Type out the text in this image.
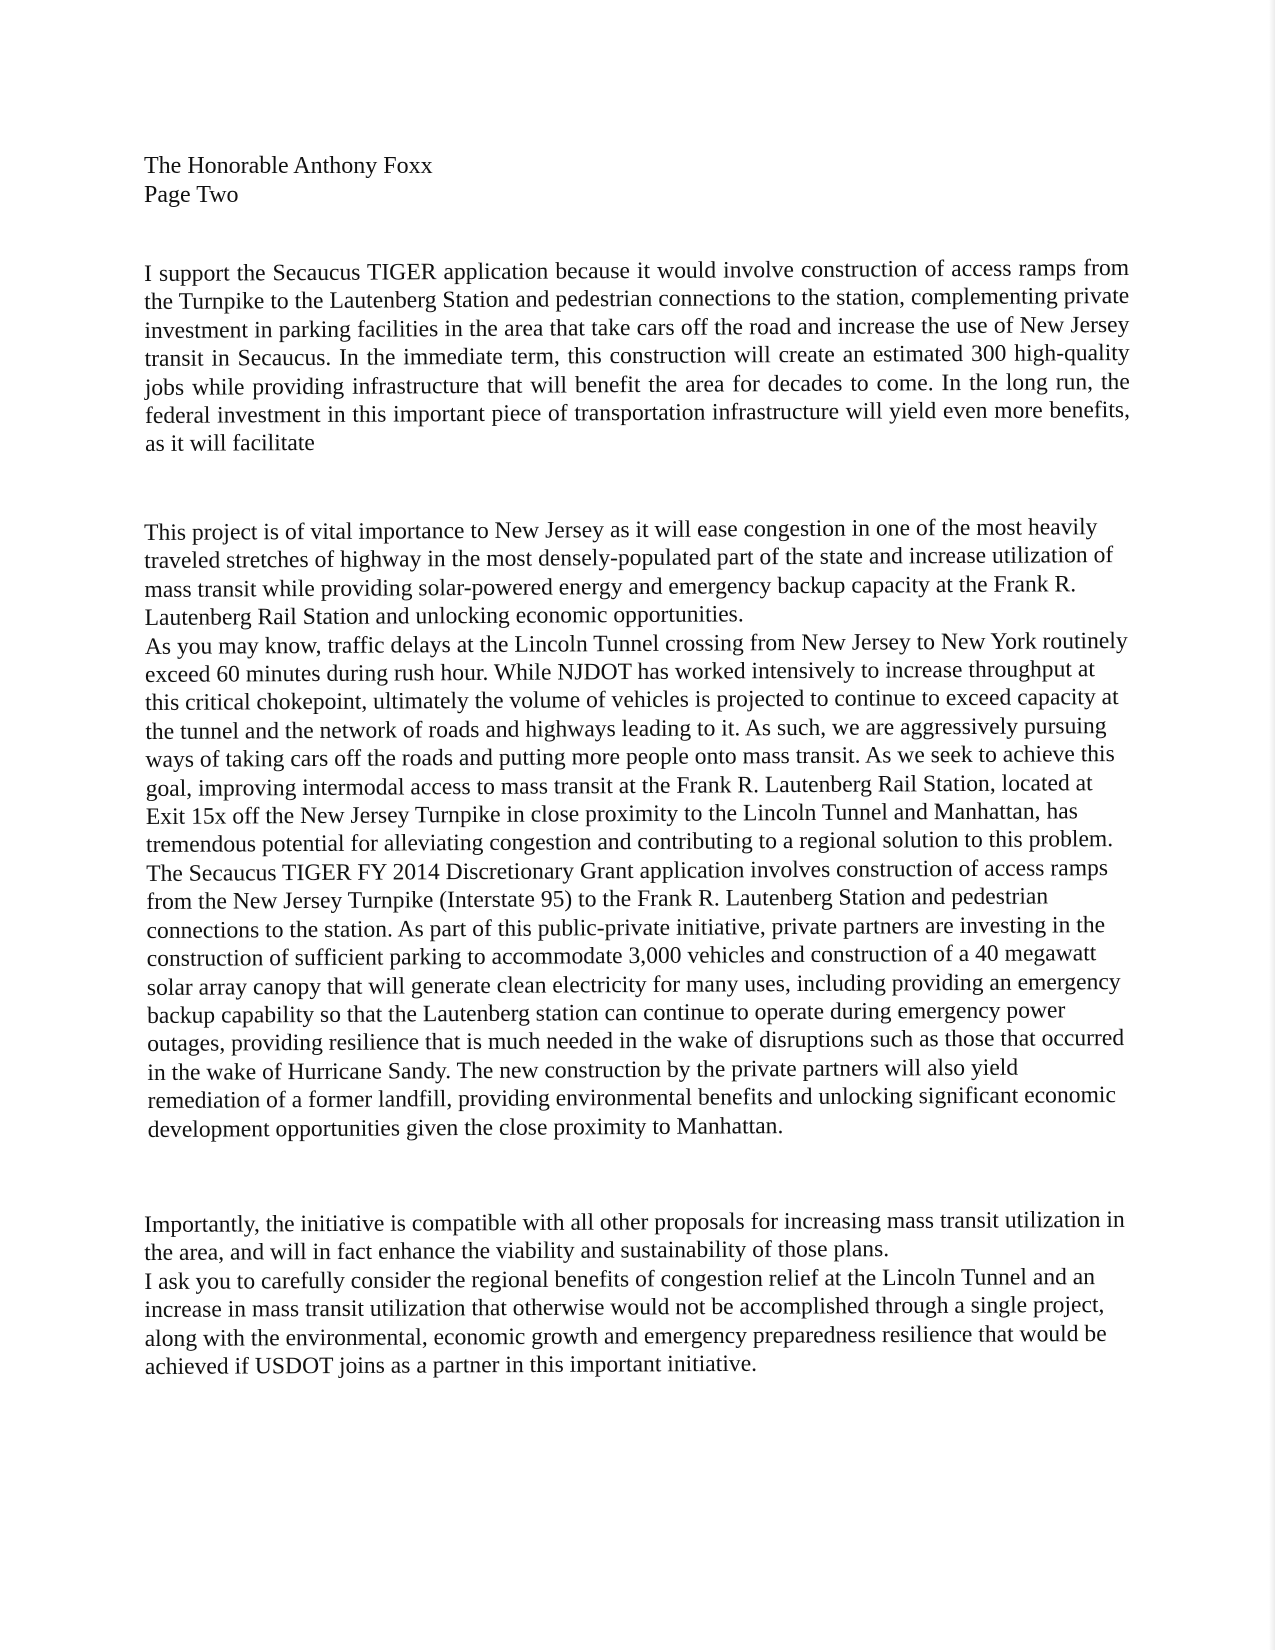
The Honorable Anthony Foxx
Page Two

I support the Secaucus TIGER application because it would involve construction of access ramps from the Turnpike to the Lautenberg Station and pedestrian connections to the station, complementing private investment in parking facilities in the area that take cars off the road and increase the use of New Jersey transit in Secaucus. In the immediate term, this construction will create an estimated 300 high-quality jobs while providing infrastructure that will benefit the area for decades to come. In the long run, the federal investment in this important piece of transportation infrastructure will yield even more benefits, as it will facilitate

This project is of vital importance to New Jersey as it will ease congestion in one of the most heavily traveled stretches of highway in the most densely-populated part of the state and increase utilization of mass transit while providing solar-powered energy and emergency backup capacity at the Frank R. Lautenberg Rail Station and unlocking economic opportunities.

As you may know, traffic delays at the Lincoln Tunnel crossing from New Jersey to New York routinely exceed 60 minutes during rush hour. While NJDOT has worked intensively to increase throughput at this critical chokepoint, ultimately the volume of vehicles is projected to continue to exceed capacity at the tunnel and the network of roads and highways leading to it. As such, we are aggressively pursuing ways of taking cars off the roads and putting more people onto mass transit. As we seek to achieve this goal, improving intermodal access to mass transit at the Frank R. Lautenberg Rail Station, located at Exit 15x off the New Jersey Turnpike in close proximity to the Lincoln Tunnel and Manhattan, has tremendous potential for alleviating congestion and contributing to a regional solution to this problem.

The Secaucus TIGER FY 2014 Discretionary Grant application involves construction of access ramps from the New Jersey Turnpike (Interstate 95) to the Frank R. Lautenberg Station and pedestrian connections to the station. As part of this public-private initiative, private partners are investing in the construction of sufficient parking to accommodate 3,000 vehicles and construction of a 40 megawatt solar array canopy that will generate clean electricity for many uses, including providing an emergency backup capability so that the Lautenberg station can continue to operate during emergency power outages, providing resilience that is much needed in the wake of disruptions such as those that occurred in the wake of Hurricane Sandy. The new construction by the private partners will also yield remediation of a former landfill, providing environmental benefits and unlocking significant economic development opportunities given the close proximity to Manhattan.

Importantly, the initiative is compatible with all other proposals for increasing mass transit utilization in the area, and will in fact enhance the viability and sustainability of those plans.

I ask you to carefully consider the regional benefits of congestion relief at the Lincoln Tunnel and an increase in mass transit utilization that otherwise would not be accomplished through a single project, along with the environmental, economic growth and emergency preparedness resilience that would be achieved if USDOT joins as a partner in this important initiative.
